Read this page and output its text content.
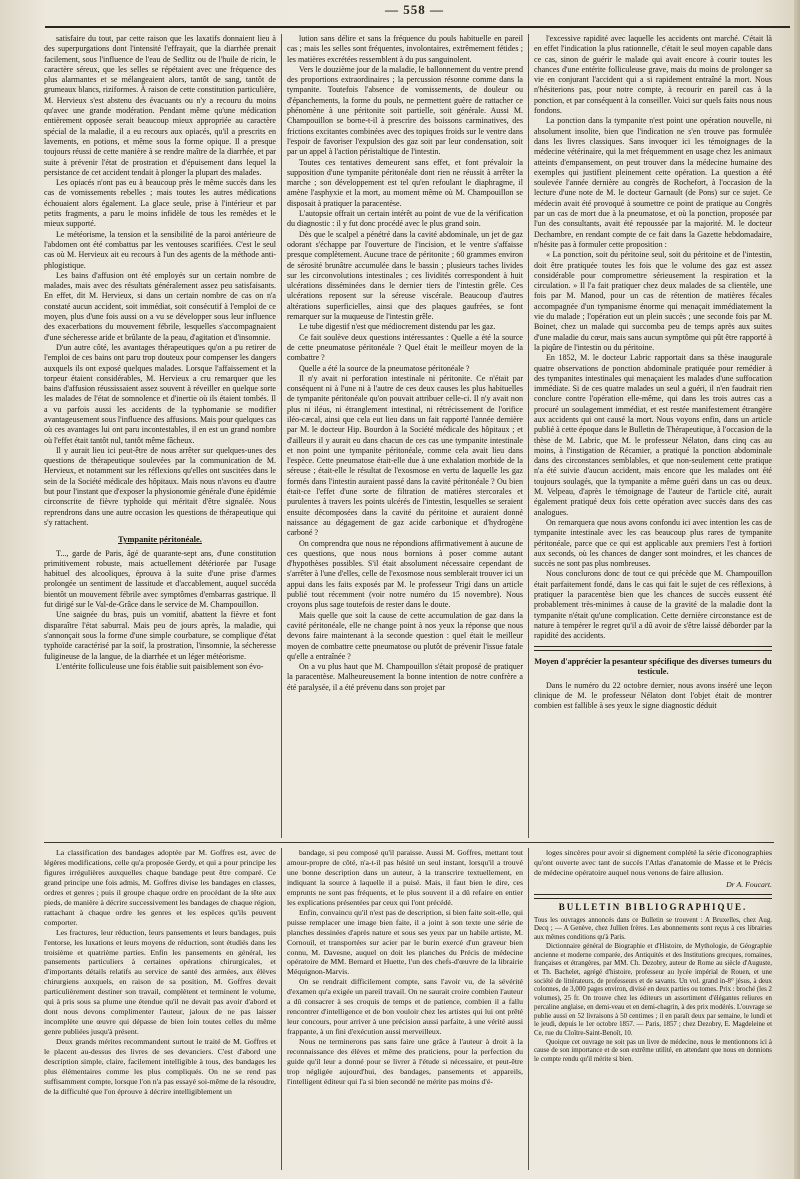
— 558 —

satisfaire du tout, par cette raison que les laxatifs donnaient lieu à des superpurgations dont l'intensité l'effrayait, que la diarrhée prenait facilement, sous l'influence de l'eau de Sedlitz ou de l'huile de ricin, le caractère séreux, que les selles se répétaient avec une fréquence des plus alarmantes et se mélangeaient alors, tantôt de sang, tantôt de grumeaux blancs, riziformes. À raison de cette constitution particulière, M. Hervieux s'est abstenu des évacuants ou n'y a recouru du moins qu'avec une grande modération. Pendant même qu'une médication entièrement opposée serait beaucoup mieux appropriée au caractère spécial de la maladie, il a eu recours aux opiacés, qu'il a prescrits en lavements, en potions, et même sous la forme opique. Il a presque toujours réussi de cette manière à se rendre maître de la diarrhée, et par suite à prévenir l'état de prostration et d'épuisement dans lequel la persistance de cet accident tendait à plonger la plupart des malades.

Les opiacés n'ont pas eu à beaucoup près le même succès dans les cas de vomissements rebelles ; mais toutes les autres médications échouaient alors également. La glace seule, prise à l'intérieur et par petits fragments, a paru le moins infidèle de tous les remèdes et le mieux supporté.

Le météorisme, la tension et la sensibilité de la paroi antérieure de l'abdomen ont été combattus par les ventouses scarifiées. C'est le seul cas où M. Hervieux ait eu recours à l'un des agents de la méthode anti-phlogistique.

Les bains d'affusion ont été employés sur un certain nombre de malades, mais avec des résultats généralement assez peu satisfaisants. En effet, dit M. Hervieux, si dans un certain nombre de cas on n'a constaté aucun accident, soit immédiat, soit consécutif à l'emploi de ce moyen, plus d'une fois aussi on a vu se développer sous leur influence des exacerbations du mouvement fébrile, lesquelles s'accompagnaient d'une sécheresse aride et brûlante de la peau, d'agitation et d'insomnie.

D'un autre côté, les avantages thérapeutiques qu'on a pu retirer de l'emploi de ces bains ont paru trop douteux pour compenser les dangers auxquels ils ont exposé quelques malades. Lorsque l'affaissement et la torpeur étaient considérables, M. Hervieux a cru remarquer que les bains d'affusion réussissaient assez souvent à réveiller en quelque sorte les malades de l'état de somnolence et d'inertie où ils étaient tombés. Il a vu parfois aussi les accidents de la typhomanie se modifier avantageusement sous l'influence des affusions. Mais pour quelques cas où ces avantages lui ont paru incontestables, il en est un grand nombre où l'effet était tantôt nul, tantôt même fâcheux.

Il y aurait lieu ici peut-être de nous arrêter sur quelques-unes des questions de thérapeutique soulevées par la communication de M. Hervieux, et notamment sur les réflexions qu'elles ont suscitées dans le sein de la Société médicale des hôpitaux. Mais nous n'avons eu d'autre but pour l'instant que d'exposer la physionomie générale d'une épidémie circonscrite de fièvre typhoïde qui méritait d'être signalée. Nous reprendrons dans une autre occasion les questions de thérapeutique qui s'y rattachent.

Tympanite péritonéale.

T..., garde de Paris, âgé de quarante-sept ans, d'une constitution primitivement robuste, mais actuellement détériorée par l'usage habituel des alcooliques, éprouva à la suite d'une prise d'armes prolongée un sentiment de lassitude et d'accablement, auquel succéda bientôt un mouvement fébrile avec symptômes d'embarras gastrique. Il fut dirigé sur le Val-de-Grâce dans le service de M. Champouillon.

Une saignée du bras, puis un vomitif, abattent la fièvre et font disparaître l'état saburral. Mais peu de jours après, la maladie, qui s'annonçait sous la forme d'une simple courbature, se complique d'état typhoïde caractérisé par la soif, la prostration, l'insomnie, la sécheresse fuligineuse de la langue, de la diarrhée et un léger météorisme.

L'entérite folliculeuse une fois établie suit paisiblement son évo-

lution sans délire et sans la fréquence du pouls habituelle en pareil cas ; mais les selles sont fréquentes, involontaires, extrêmement fétides ; les matières excrétées ressemblent à du pus sanguinolent.

Vers le douzième jour de la maladie, le ballonnement du ventre prend des proportions extraordinaires ; la percussion résonne comme dans la tympanite. Toutefois l'absence de vomissements, de douleur ou d'épanchements, la forme du pouls, ne permettent guère de rattacher ce phénomène à une péritonite soit partielle, soit générale. Aussi M. Champouillon se borne-t-il à prescrire des boissons carminatives, des frictions excitantes combinées avec des topiques froids sur le ventre dans l'espoir de favoriser l'expulsion des gaz soit par leur condensation, soit par un appel à l'action péristaltique de l'intestin.

Toutes ces tentatives demeurent sans effet, et font prévaloir la supposition d'une tympanite péritonéale dont rien ne réussit à arrêter la marche ; son développement est tel qu'en refoulant le diaphragme, il amène l'asphyxie et la mort, au moment même où M. Champouillon se disposait à pratiquer la paracentèse.

L'autopsie offrait un certain intérêt au point de vue de la vérification du diagnostic : il y fut donc procédé avec le plus grand soin.

Dès que le scalpel a pénétré dans la cavité abdominale, un jet de gaz odorant s'échappe par l'ouverture de l'incision, et le ventre s'affaisse presque complètement. Aucune trace de péritonite ; 60 grammes environ de sérosité brunâtre accumulée dans le bassin ; plusieurs taches livides sur les circonvolutions intestinales ; ces lividités correspondent à huit ulcérations disséminées dans le dernier tiers de l'intestin grêle. Ces ulcérations reposent sur la séreuse viscérale. Beaucoup d'autres altérations superficielles, ainsi que des plaques gaufrées, se font remarquer sur la muqueuse de l'intestin grêle.

Le tube digestif n'est que médiocrement distendu par les gaz.

Ce fait soulève deux questions intéressantes : Quelle a été la source de cette pneumatose péritonéale ? Quel était le meilleur moyen de la combattre ?

Quelle a été la source de la pneumatose péritonéale ?

Il n'y avait ni perforation intestinale ni péritonite. Ce n'était par conséquent ni à l'une ni à l'autre de ces deux causes les plus habituelles de tympanite péritonéale qu'on pouvait attribuer celle-ci. Il n'y avait non plus ni iléus, ni étranglement intestinal, ni rétrécissement de l'orifice iléo-cæcal, ainsi que cela eut lieu dans un fait rapporté l'année dernière par M. le docteur Hip. Bourdon à la Société médicale des hôpitaux ; et d'ailleurs il y aurait eu dans chacun de ces cas une tympanite intestinale et non point une tympanite péritonéale, comme cela avait lieu dans l'espèce. Cette pneumatose était-elle due à une exhalation morbide de la séreuse ; était-elle le résultat de l'exosmose en vertu de laquelle les gaz formés dans l'intestin auraient passé dans la cavité péritonéale ? Ou bien était-ce l'effet d'une sorte de filtration de matières stercorales et purulentes à travers les points ulcérés de l'intestin, lesquelles se seraient ensuite décomposées dans la cavité du péritoine et auraient donné naissance au dégagement de gaz acide carbonique et d'hydrogène carboné ?

On comprendra que nous ne répondions affirmativement à aucune de ces questions, que nous nous bornions à poser comme autant d'hypothèses possibles. S'il était absolument nécessaire cependant de s'arrêter à l'une d'elles, celle de l'exosmose nous semblerait trouver ici un appui dans les faits exposés par M. le professeur Trigi dans un article publié tout récemment (voir notre numéro du 15 novembre). Nous croyons plus sage toutefois de rester dans le doute.

Mais quelle que soit la cause de cette accumulation de gaz dans la cavité péritonéale, elle ne change point à nos yeux la réponse que nous devons faire maintenant à la seconde question : quel était le meilleur moyen de combattre cette pneumatose ou plutôt de prévenir l'issue fatale qu'elle a entraînée ?

On a vu plus haut que M. Champouillon s'était proposé de pratiquer la paracentèse. Malheureusement la bonne intention de notre confrère a été paralysée, il a été prévenu dans son projet par

l'excessive rapidité avec laquelle les accidents ont marché. C'était là en effet l'indication la plus rationnelle, c'était le seul moyen capable dans ce cas, sinon de guérir le malade qui avait encore à courir toutes les chances d'une entérite folliculeuse grave, mais du moins de prolonger sa vie en conjurant l'accident qui a si rapidement entraîné la mort. Nous n'hésiterions pas, pour notre compte, à recourir en pareil cas à la ponction, et par conséquent à la conseiller. Voici sur quels faits nous nous fondons.

La ponction dans la tympanite n'est point une opération nouvelle, ni absolument insolite, bien que l'indication ne s'en trouve pas formulée dans les livres classiques. Sans invoquer ici les témoignages de la médecine vétérinaire, qui la met fréquemment en usage chez les animaux atteints d'empansement, on peut trouver dans la médecine humaine des exemples qui justifient pleinement cette opération. La question a été soulevée l'année dernière au congrès de Rochefort, à l'occasion de la lecture d'une note de M. le docteur Garnault (de Pons) sur ce sujet. Ce médecin avait été provoqué à soumettre ce point de pratique au Congrès par un cas de mort due à la pneumatose, et où la ponction, proposée par l'un des consultants, avait été repoussée par la majorité. M. le docteur Dechambre, en rendant compte de ce fait dans la Gazette hebdomadaire, n'hésite pas à formuler cette proposition :

« La ponction, soit du péritoine seul, soit du péritoine et de l'intestin, doit être pratiquée toutes les fois que le volume des gaz est assez considérable pour compromettre sérieusement la respiration et la circulation. » Il l'a fait pratiquer chez deux malades de sa clientèle, une fois par M. Manod, pour un cas de rétention de matières fécales accompagnée d'un tympanisme énorme qui menaçait immédiatement la vie du malade ; l'opération eut un plein succès ; une seconde fois par M. Boinet, chez un malade qui succomba peu de temps après aux suites d'une maladie du cœur, mais sans aucun symptôme qui pût être rapporté à la piqûre de l'intestin ou du péritoine.

En 1852, M. le docteur Labric rapportait dans sa thèse inaugurale quatre observations de ponction abdominale pratiquée pour remédier à des tympanites intestinales qui menaçaient les malades d'une suffocation immédiate. Si de ces quatre malades un seul a guéri, il n'en faudrait rien conclure contre l'opération elle-même, qui dans les trois autres cas a procuré un soulagement immédiat, et est restée manifestement étrangère aux accidents qui ont causé la mort. Nous voyons enfin, dans un article publié à cette époque dans le Bulletin de Thérapeutique, à l'occasion de la thèse de M. Labric, que M. le professeur Nélaton, dans cinq cas au moins, à l'instigation de Récamier, a pratiqué la ponction abdominale dans des circonstances semblables, et que non-seulement cette pratique n'a été suivie d'aucun accident, mais encore que les malades ont été toujours soulagés, que la tympanite a même guéri dans un cas ou deux. M. Velpeau, d'après le témoignage de l'auteur de l'article cité, aurait également pratiqué deux fois cette opération avec succès dans des cas analogues.

On remarquera que nous avons confondu ici avec intention les cas de tympanite intestinale avec les cas beaucoup plus rares de tympanite péritonéale, parce que ce qui est applicable aux premiers l'est à fortiori aux seconds, où les chances de danger sont moindres, et les chances de succès ne sont pas plus nombreuses.

Nous conclurons donc de tout ce qui précède que M. Champouillon était parfaitement fondé, dans le cas qui fait le sujet de ces réflexions, à pratiquer la paracentèse bien que les chances de succès eussent été probablement très-minimes à cause de la gravité de la maladie dont la tympanite n'était qu'une complication. Cette dernière circonstance est de nature à tempérer le regret qu'il a dû avoir de s'être laissé déborder par la rapidité des accidents.

Moyen d'apprécier la pesanteur spécifique des diverses tumeurs du testicule.

Dans le numéro du 22 octobre dernier, nous avons inséré une leçon clinique de M. le professeur Nélaton dont l'objet était de montrer combien est fallible à ses yeux le signe diagnostic déduit

La classification des bandages adoptée par M. Goffres est, avec de légères modifications, celle qu'a proposée Gerdy, et qui a pour principe les figures irrégulières auxquelles chaque bandage peut être comparé. Ce grand principe une fois admis, M. Goffres divise les bandages en classes, ordres et genres ; puis il groupe chaque ordre en procédant de la tête aux pieds, de manière à décrire successivement les bandages de chaque région, rattachant à chaque ordre les genres et les espèces qu'ils peuvent comporter.

Les fractures, leur réduction, leurs pansements et leurs bandages, puis l'entorse, les luxations et leurs moyens de réduction, sont étudiés dans les troisième et quatrième parties. Enfin les pansements en général, les pansements particuliers à certaines opérations chirurgicales, et d'importants détails relatifs au service de santé des armées, aux élèves chirurgiens auxquels, en raison de sa position, M. Goffres devait particulièrement destiner son travail, complètent et terminent le volume, qui à pris sous sa plume une étendue qu'il ne devait pas avoir d'abord et dont nous devons complimenter l'auteur, jaloux de ne pas laisser incomplète une œuvre qui dépasse de bien loin toutes celles du même genre publiées jusqu'à présent.

Deux grands mérites recommandent surtout le traité de M. Goffres et le placent au-dessus des livres de ses devanciers. C'est d'abord une description simple, claire, facilement intelligible à tous, des bandages les plus élémentaires comme les plus compliqués. On ne se rend pas suffisamment compte, lorsque l'on n'a pas essayé soi-même de la résoudre, de la difficulté que l'on éprouve à décrire intelligiblement un

bandage, si peu composé qu'il paraisse. Aussi M. Goffres, mettant tout amour-propre de côté, n'a-t-il pas hésité un seul instant, lorsqu'il a trouvé une bonne description dans un auteur, à la transcrire textuellement, en indiquant la source à laquelle il a puisé. Mais, il faut bien le dire, ces emprunts ne sont pas fréquents, et le plus souvent il a dû refaire en entier les explications présentées par ceux qui l'ont précédé.

Enfin, convaincu qu'il n'est pas de description, si bien faite soit-elle, qui puisse remplacer une image bien faite, il a joint à son texte une série de planches dessinées d'après nature et sous ses yeux par un habile artiste, M. Cornouil, et transportées sur acier par le burin exercé d'un graveur bien connu, M. Davesne, auquel on doit les planches du Précis de médecine opératoire de MM. Bernard et Huette, l'un des chefs-d'œuvre de la librairie Méquignon-Marvis.

On se rendrait difficilement compte, sans l'avoir vu, de la sévérité d'examen qu'a exigée un pareil travail. On ne saurait croire combien l'auteur a dû consacrer à ses croquis de temps et de patience, combien il a fallu rencontrer d'intelligence et de bon vouloir chez les artistes qui lui ont prêté leur concours, pour arriver à une précision aussi parfaite, à une vérité aussi frappante, à un fini d'exécution aussi merveilleux.

Nous ne terminerons pas sans faire une grâce à l'auteur à droit à la reconnaissance des élèves et même des praticiens, pour la perfection du guide qu'il leur a donné pour se livrer à l'étude si nécessaire, et peut-être trop négligée aujourd'hui, des bandages, pansements et appareils, l'intelligent éditeur qui l'a si bien secondé ne mérite pas moins d'é-

loges sincères pour avoir si dignement complété la série d'iconographies qu'ont ouverte avec tant de succès l'Atlas d'anatomie de Masse et le Précis de médecine opératoire auquel nous venons de faire allusion.

Dr A. Foucart.
BULLETIN BIBLIOGRAPHIQUE.

Tous les ouvrages annoncés dans ce Bulletin se trouvent : A Bruxelles, chez Aug. Decq ; — A Genève, chez Jullien frères. Les abonnements sont reçus à ces librairies aux mêmes conditions qu'à Paris.

Dictionnaire général de Biographie et d'Histoire, de Mythologie, de Géographie ancienne et moderne comparée, des Antiquités et des Institutions grecques, romaines, françaises et étrangères, par MM. Ch. Dezobry, auteur de Rome au siècle d'Auguste, et Th. Bachelet, agrégé d'histoire, professeur au lycée impérial de Rouen, et une société de littérateurs, de professeurs et de savants. Un vol. grand in-8° jésus, à deux colonnes, de 3,000 pages environ, divisé en deux parties ou tomes. Prix : broché (les 2 volumes), 25 fr. On trouve chez les éditeurs un assortiment d'élégantes reliures en percaline anglaise, en demi-veau et en demi-chagrin, à des prix modérés. L'ouvrage se publie aussi en 52 livraisons à 50 centimes ; il en paraît deux par semaine, le lundi et le jeudi, depuis le 1er octobre 1857. — Paris, 1857 ; chez Dezobry, E. Magdeleine et Ce, rue du Cloître-Saint-Benoît, 10.

Quoique cet ouvrage ne soit pas un livre de médecine, nous le mentionnons ici à cause de son importance et de son extrême utilité, en attendant que nous en donnions le compte rendu qu'il mérite si bien.
